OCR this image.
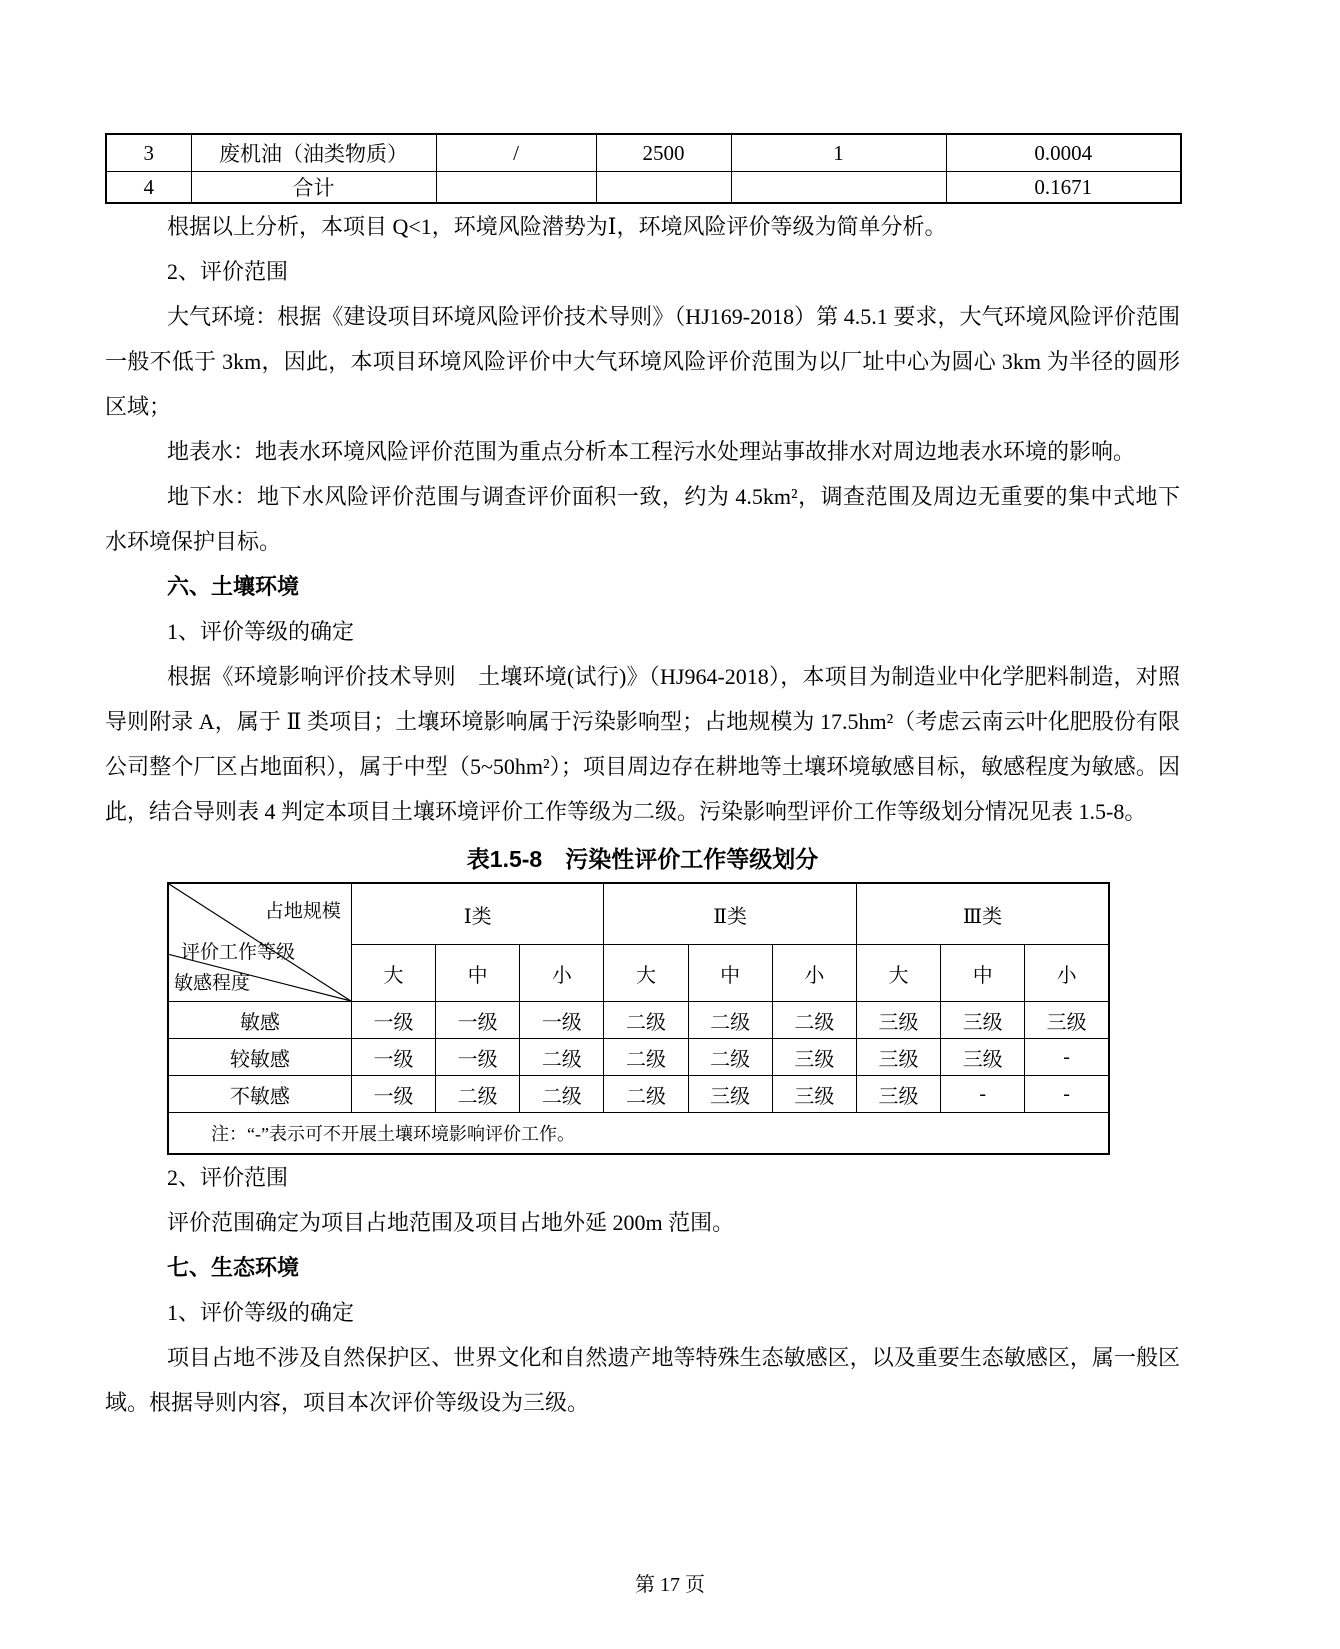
3	废机油（油类物质）	/	2500	1	0.0004
4	合计				0.1671

根据以上分析，本项目 Q<1，环境风险潜势为Ⅰ，环境风险评价等级为简单分析。

2、评价范围

大气环境：根据《建设项目环境风险评价技术导则》（HJ169-2018）第 4.5.1 要求，大气环境风险评价范围一般不低于 3km，因此，本项目环境风险评价中大气环境风险评价范围为以厂址中心为圆心 3km 为半径的圆形区域；

地表水：地表水环境风险评价范围为重点分析本工程污水处理站事故排水对周边地表水环境的影响。

地下水：地下水风险评价范围与调查评价面积一致，约为 4.5km²，调查范围及周边无重要的集中式地下水环境保护目标。

六、土壤环境

1、评价等级的确定

根据《环境影响评价技术导则　土壤环境(试行)》（HJ964-2018），本项目为制造业中化学肥料制造，对照导则附录 A，属于 Ⅱ 类项目；土壤环境影响属于污染影响型；占地规模为 17.5hm²（考虑云南云叶化肥股份有限公司整个厂区占地面积），属于中型（5~50hm²）；项目周边存在耕地等土壤环境敏感目标，敏感程度为敏感。因此，结合导则表 4 判定本项目土壤环境评价工作等级为二级。污染影响型评价工作等级划分情况见表 1.5-8。

表1.5-8　污染性评价工作等级划分

占地规模
评价工作等级
敏感程度	Ⅰ类			Ⅱ类			Ⅲ类		
	大	中	小	大	中	小	大	中	小
敏感	一级	一级	一级	二级	二级	二级	三级	三级	三级
较敏感	一级	一级	二级	二级	二级	三级	三级	三级	-
不敏感	一级	二级	二级	二级	三级	三级	三级	-	-
注：“-”表示可不开展土壤环境影响评价工作。									

2、评价范围

评价范围确定为项目占地范围及项目占地外延 200m 范围。

七、生态环境

1、评价等级的确定

项目占地不涉及自然保护区、世界文化和自然遗产地等特殊生态敏感区，以及重要生态敏感区，属一般区域。根据导则内容，项目本次评价等级设为三级。

第 17 页
